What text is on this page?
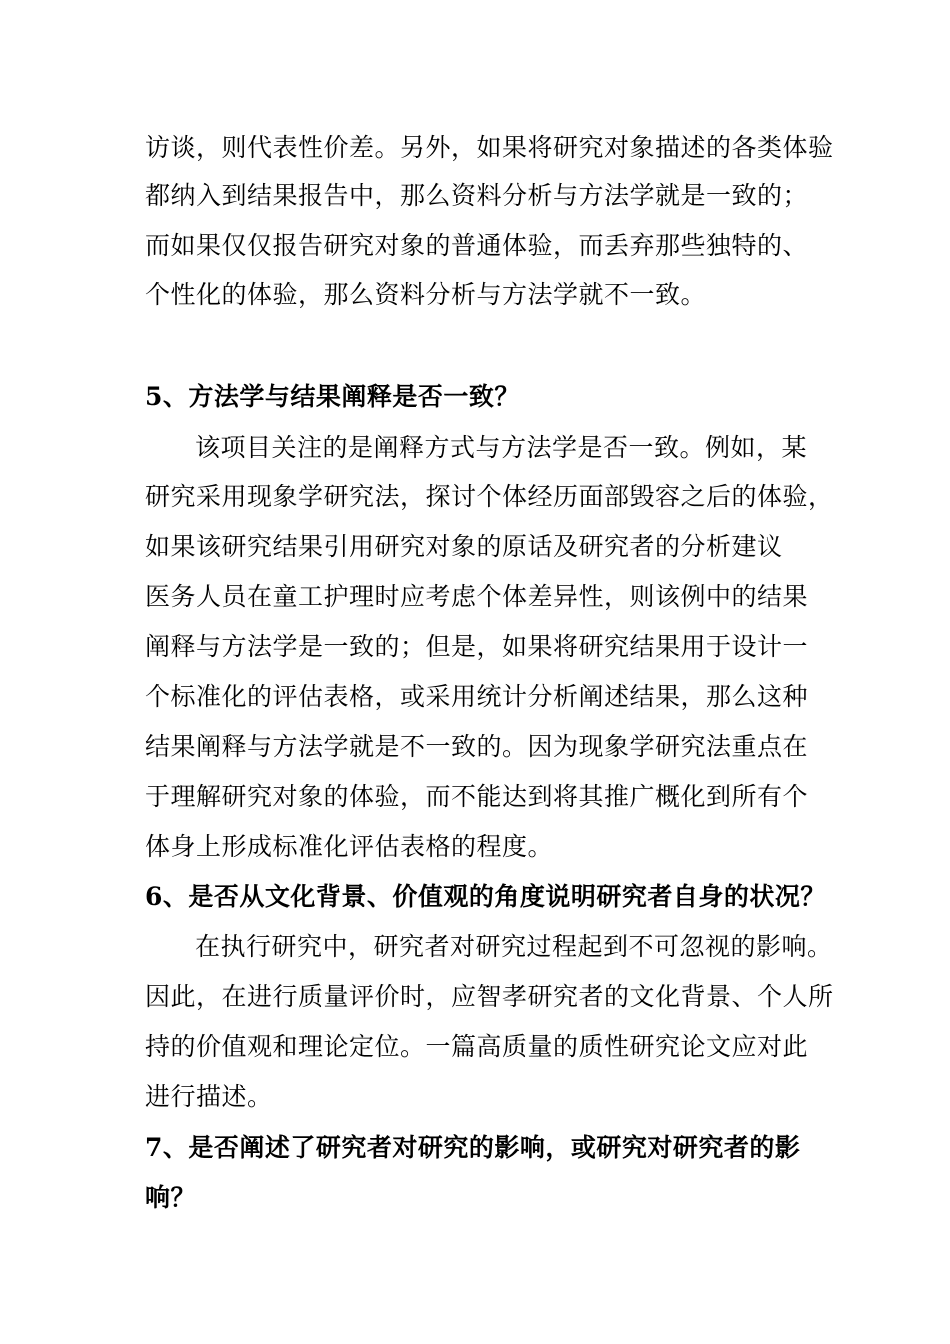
访谈，则代表性价差。另外，如果将研究对象描述的各类体验
都纳入到结果报告中，那么资料分析与方法学就是一致的；
而如果仅仅报告研究对象的普通体验，而丢弃那些独特的、
个性化的体验，那么资料分析与方法学就不一致。
5、方法学与结果阐释是否一致？
该项目关注的是阐释方式与方法学是否一致。例如，某
研究采用现象学研究法，探讨个体经历面部毁容之后的体验，
如果该研究结果引用研究对象的原话及研究者的分析建议
医务人员在童工护理时应考虑个体差异性，则该例中的结果
阐释与方法学是一致的；但是，如果将研究结果用于设计一
个标准化的评估表格，或采用统计分析阐述结果，那么这种
结果阐释与方法学就是不一致的。因为现象学研究法重点在
于理解研究对象的体验，而不能达到将其推广概化到所有个
体身上形成标准化评估表格的程度。
6、是否从文化背景、价值观的角度说明研究者自身的状况？
在执行研究中，研究者对研究过程起到不可忽视的影响。
因此，在进行质量评价时，应智孝研究者的文化背景、个人所
持的价值观和理论定位。一篇高质量的质性研究论文应对此
进行描述。
7、是否阐述了研究者对研究的影响，或研究对研究者的影
响？
